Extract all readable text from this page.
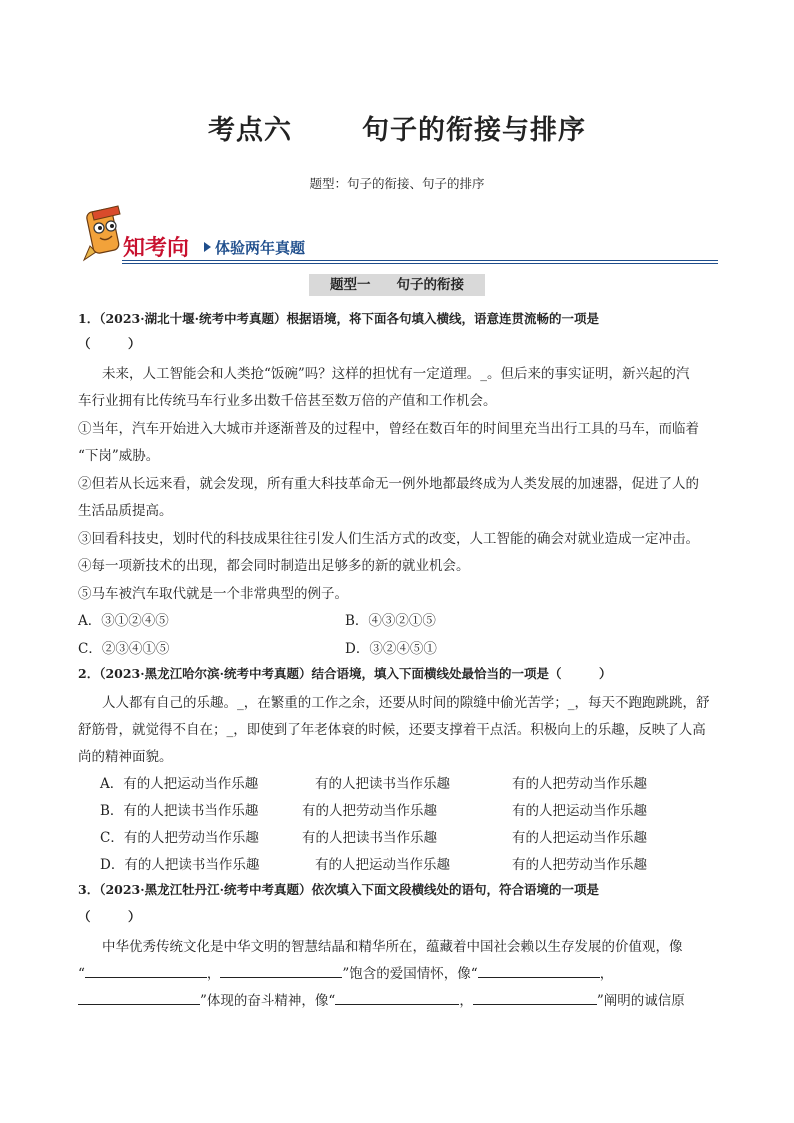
考点六	句子的衔接与排序
题型：句子的衔接、句子的排序
知考向 体验两年真题
题型一 句子的衔接
1．（2023·湖北十堰·统考中考真题）根据语境，将下面各句填入横线，语意连贯流畅的一项是
（　　　）
未来，人工智能会和人类抢“饭碗”吗？这样的担忧有一定道理。_。但后来的事实证明，新兴起的汽
车行业拥有比传统马车行业多出数千倍甚至数万倍的产值和工作机会。
①当年，汽车开始进入大城市并逐渐普及的过程中，曾经在数百年的时间里充当出行工具的马车，而临着
“下岗”威胁。
②但若从长远来看，就会发现，所有重大科技革命无一例外地都最终成为人类发展的加速器，促进了人的
生活品质提高。
③回看科技史，划时代的科技成果往往引发人们生活方式的改变，人工智能的确会对就业造成一定冲击。
④每一项新技术的出现，都会同时制造出足够多的新的就业机会。
⑤马车被汽车取代就是一个非常典型的例子。
A．③①②④⑤	B．④③②①⑤
C．②③④①⑤	D．③②④⑤①
2．（2023·黑龙江哈尔滨·统考中考真题）结合语境，填入下面横线处最恰当的一项是（　　　）
人人都有自己的乐趣。_，在繁重的工作之余，还要从时间的隙缝中偷光苦学；_，每天不跑跑跳跳，舒
舒筋骨，就觉得不自在；_，即使到了年老体衰的时候，还要支撑着干点活。积极向上的乐趣，反映了人高
尚的精神面貌。
A．有的人把运动当作乐趣	有的人把读书当作乐趣	有的人把劳动当作乐趣
B．有的人把读书当作乐趣	有的人把劳动当作乐趣	有的人把运动当作乐趣
C．有的人把劳动当作乐趣	有的人把读书当作乐趣	有的人把运动当作乐趣
D．有的人把读书当作乐趣	有的人把运动当作乐趣	有的人把劳动当作乐趣
3．（2023·黑龙江牡丹江·统考中考真题）依次填入下面文段横线处的语句，符合语境的一项是
（　　　）
中华优秀传统文化是中华文明的智慧结晶和精华所在，蕴藏着中国社会赖以生存发展的价值观，像
“	，	”饱含的爱国情怀，像“	，
”体现的奋斗精神，像“	，	”阐明的诚信原
